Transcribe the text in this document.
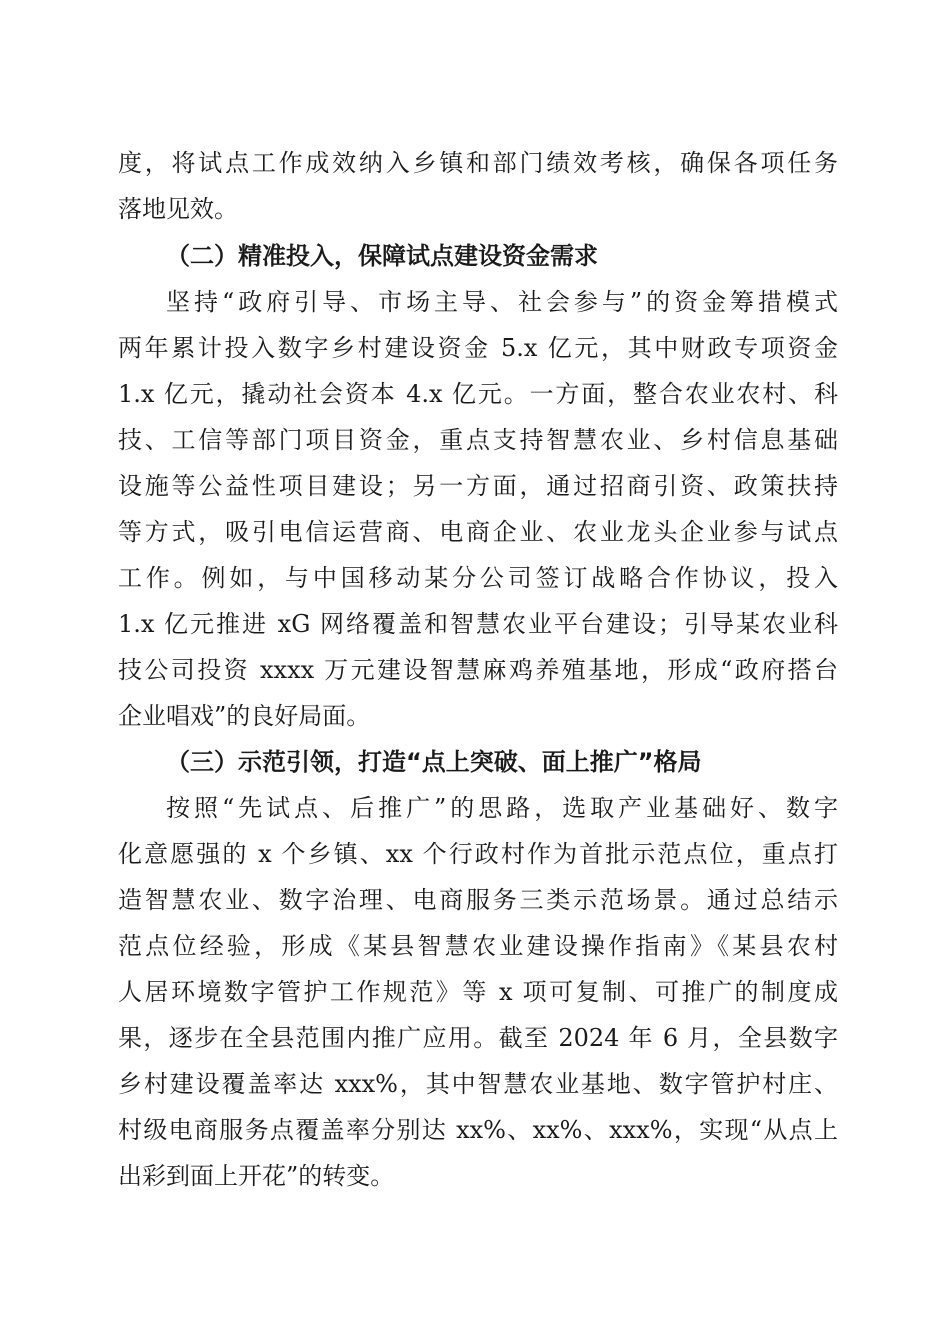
度，将试点工作成效纳入乡镇和部门绩效考核，确保各项任务
落地见效。
（二）精准投入，保障试点建设资金需求
坚持“政府引导、市场主导、社会参与”的资金筹措模式
两年累计投入数字乡村建设资金 5.x 亿元，其中财政专项资金
1.x 亿元，撬动社会资本 4.x 亿元。一方面，整合农业农村、科
技、工信等部门项目资金，重点支持智慧农业、乡村信息基础
设施等公益性项目建设；另一方面，通过招商引资、政策扶持
等方式，吸引电信运营商、电商企业、农业龙头企业参与试点
工作。例如，与中国移动某分公司签订战略合作协议，投入
1.x 亿元推进 xG 网络覆盖和智慧农业平台建设；引导某农业科
技公司投资 xxxx 万元建设智慧麻鸡养殖基地，形成“政府搭台
企业唱戏”的良好局面。
（三）示范引领，打造“点上突破、面上推广”格局
按照“先试点、后推广”的思路，选取产业基础好、数字
化意愿强的 x 个乡镇、xx 个行政村作为首批示范点位，重点打
造智慧农业、数字治理、电商服务三类示范场景。通过总结示
范点位经验，形成《某县智慧农业建设操作指南》《某县农村
人居环境数字管护工作规范》等 x 项可复制、可推广的制度成
果，逐步在全县范围内推广应用。截至 2024 年 6 月，全县数字
乡村建设覆盖率达 xxx%，其中智慧农业基地、数字管护村庄、
村级电商服务点覆盖率分别达 xx%、xx%、xxx%，实现“从点上
出彩到面上开花”的转变。
